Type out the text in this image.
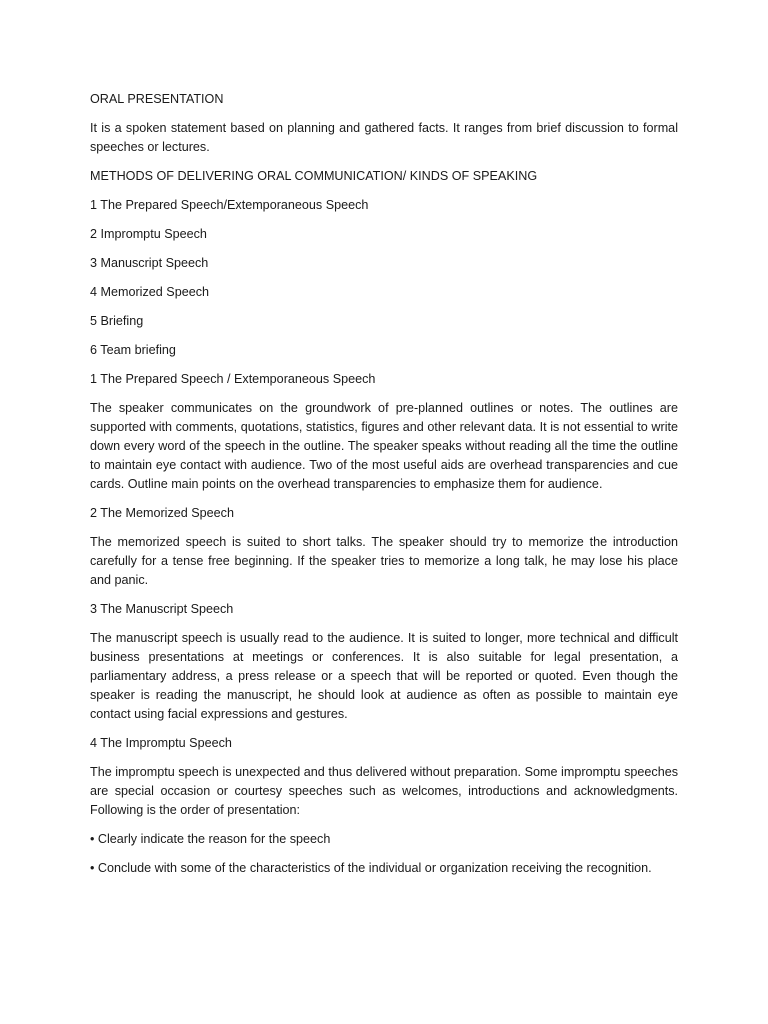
ORAL PRESENTATION

It is a spoken statement based on planning and gathered facts. It ranges from brief discussion to formal speeches or lectures.

METHODS OF DELIVERING ORAL COMMUNICATION/ KINDS OF SPEAKING

1 The Prepared Speech/Extemporaneous Speech

2 Impromptu Speech

3 Manuscript Speech

4 Memorized Speech

5 Briefing

6 Team briefing

1 The Prepared Speech / Extemporaneous Speech

The speaker communicates on the groundwork of pre-planned outlines or notes. The outlines are supported with comments, quotations, statistics, figures and other relevant data. It is not essential to write down every word of the speech in the outline. The speaker speaks without reading all the time the outline to maintain eye contact with audience. Two of the most useful aids are overhead transparencies and cue cards. Outline main points on the overhead transparencies to emphasize them for audience.

2 The Memorized Speech

The memorized speech is suited to short talks. The speaker should try to memorize the introduction carefully for a tense free beginning. If the speaker tries to memorize a long talk, he may lose his place and panic.

3 The Manuscript Speech

The manuscript speech is usually read to the audience. It is suited to longer, more technical and difficult business presentations at meetings or conferences. It is also suitable for legal presentation, a parliamentary address, a press release or a speech that will be reported or quoted. Even though the speaker is reading the manuscript, he should look at audience as often as possible to maintain eye contact using facial expressions and gestures.

4 The Impromptu Speech

The impromptu speech is unexpected and thus delivered without preparation. Some impromptu speeches are special occasion or courtesy speeches such as welcomes, introductions and acknowledgments. Following is the order of presentation:

• Clearly indicate the reason for the speech

• Conclude with some of the characteristics of the individual or organization receiving the recognition.
